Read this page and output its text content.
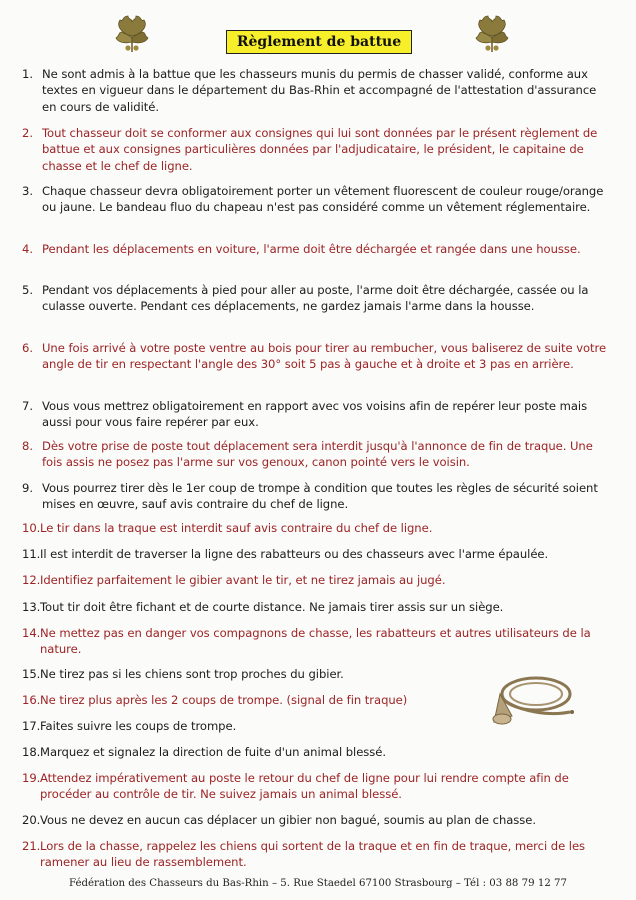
Règlement de battue
1. Ne sont admis à la battue que les chasseurs munis du permis de chasser validé, conforme aux textes en vigueur dans le département du Bas-Rhin et accompagné de l'attestation d'assurance en cours de validité.
2. Tout chasseur doit se conformer aux consignes qui lui sont données par le présent règlement de battue et aux consignes particulières données par l'adjudicataire, le président, le capitaine de chasse et le chef de ligne.
3. Chaque chasseur devra obligatoirement porter un vêtement fluorescent de couleur rouge/orange ou jaune. Le bandeau fluo du chapeau n'est pas considéré comme un vêtement réglementaire.
4. Pendant les déplacements en voiture, l'arme doit être déchargée et rangée dans une housse.
5. Pendant vos déplacements à pied pour aller au poste, l'arme doit être déchargée, cassée ou la culasse ouverte. Pendant ces déplacements, ne gardez jamais l'arme dans la housse.
6. Une fois arrivé à votre poste ventre au bois pour tirer au rembucher, vous baliserez de suite votre angle de tir en respectant l'angle des 30° soit 5 pas à gauche et à droite et 3 pas en arrière.
7. Vous vous mettrez obligatoirement en rapport avec vos voisins afin de repérer leur poste mais aussi pour vous faire repérer par eux.
8. Dès votre prise de poste tout déplacement sera interdit jusqu'à l'annonce de fin de traque. Une fois assis ne posez pas l'arme sur vos genoux, canon pointé vers le voisin.
9. Vous pourrez tirer dès le 1er coup de trompe à condition que toutes les règles de sécurité soient mises en œuvre, sauf avis contraire du chef de ligne.
10. Le tir dans la traque est interdit sauf avis contraire du chef de ligne.
11. Il est interdit de traverser la ligne des rabatteurs ou des chasseurs avec l'arme épaulée.
12. Identifiez parfaitement le gibier avant le tir, et ne tirez jamais au jugé.
13. Tout tir doit être fichant et de courte distance. Ne jamais tirer assis sur un siège.
14. Ne mettez pas en danger vos compagnons de chasse, les rabatteurs et autres utilisateurs de la nature.
15. Ne tirez pas si les chiens sont trop proches du gibier.
16. Ne tirez plus après les 2 coups de trompe. (signal de fin traque)
17. Faites suivre les coups de trompe.
18. Marquez et signalez la direction de fuite d'un animal blessé.
19. Attendez impérativement au poste le retour du chef de ligne pour lui rendre compte afin de procéder au contrôle de tir. Ne suivez jamais un animal blessé.
20. Vous ne devez en aucun cas déplacer un gibier non bagué, soumis au plan de chasse.
21. Lors de la chasse, rappelez les chiens qui sortent de la traque et en fin de traque, merci de les ramener au lieu de rassemblement.
Fédération des Chasseurs du Bas-Rhin – 5. Rue Staedel 67100 Strasbourg – Tél : 03 88 79 12 77
